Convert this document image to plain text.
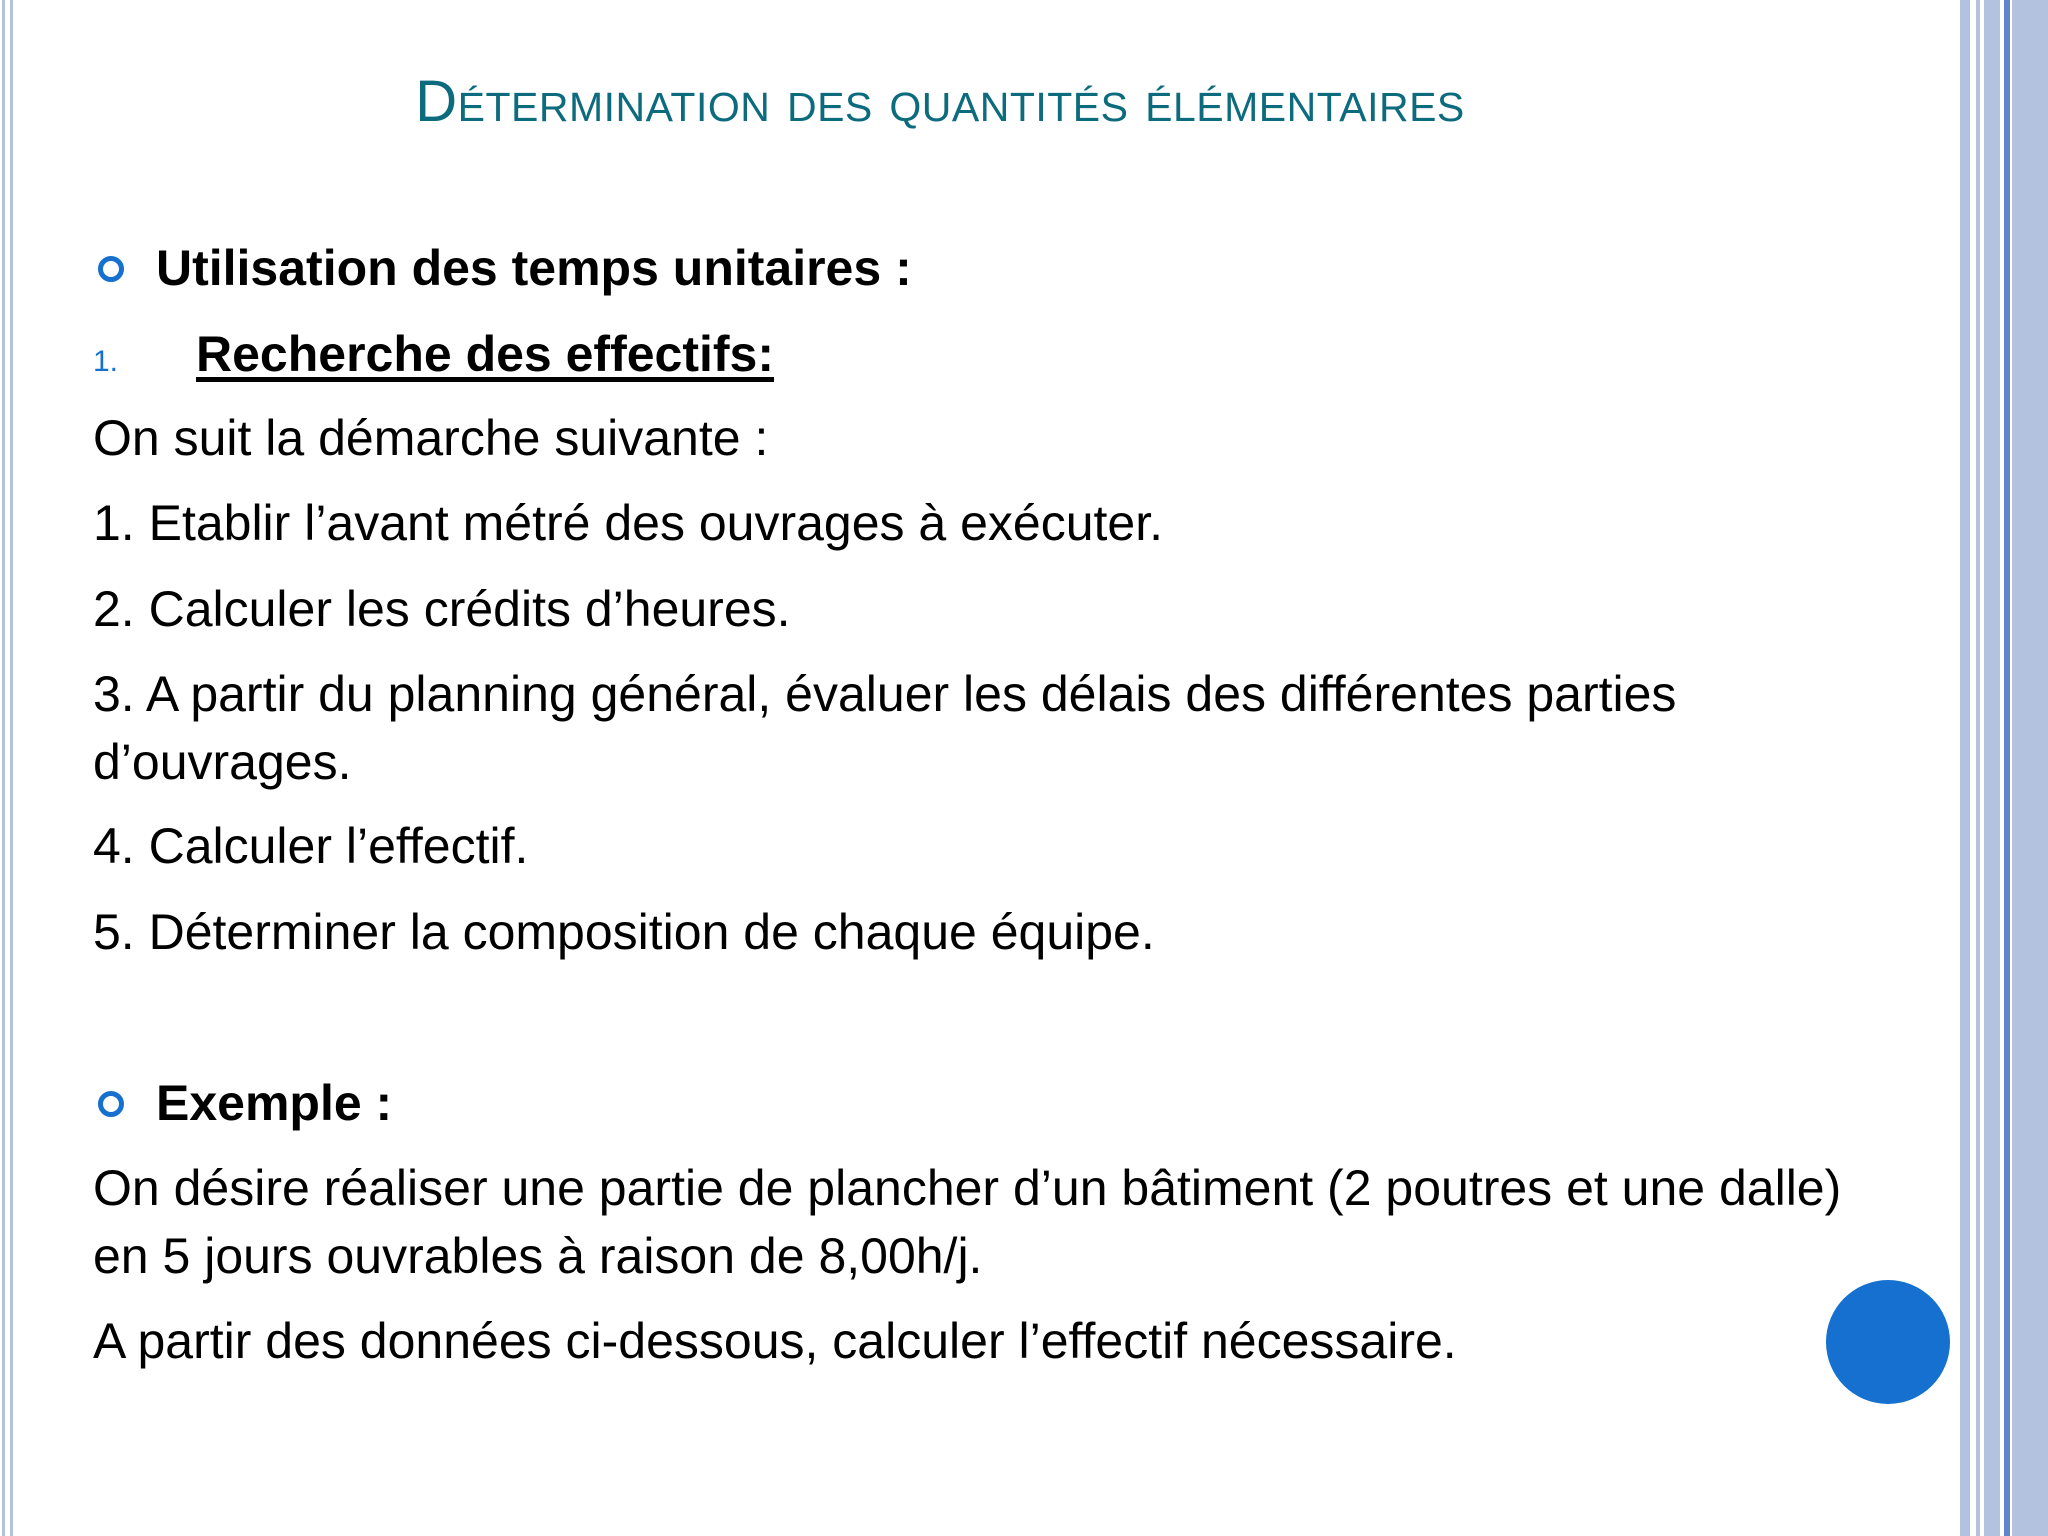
Détermination des quantités élémentaires
Utilisation des temps unitaires :
1. Recherche des effectifs:
On suit la démarche suivante :
1. Etablir l’avant métré des ouvrages à exécuter.
2. Calculer les crédits d’heures.
3. A partir du planning général, évaluer les délais des différentes parties d’ouvrages.
4. Calculer l’effectif.
5. Déterminer la composition de chaque équipe.
Exemple :
On désire réaliser une partie de plancher d’un bâtiment (2 poutres et une dalle) en 5 jours ouvrables à raison de 8,00h/j.
A partir des données ci-dessous, calculer l’effectif nécessaire.
